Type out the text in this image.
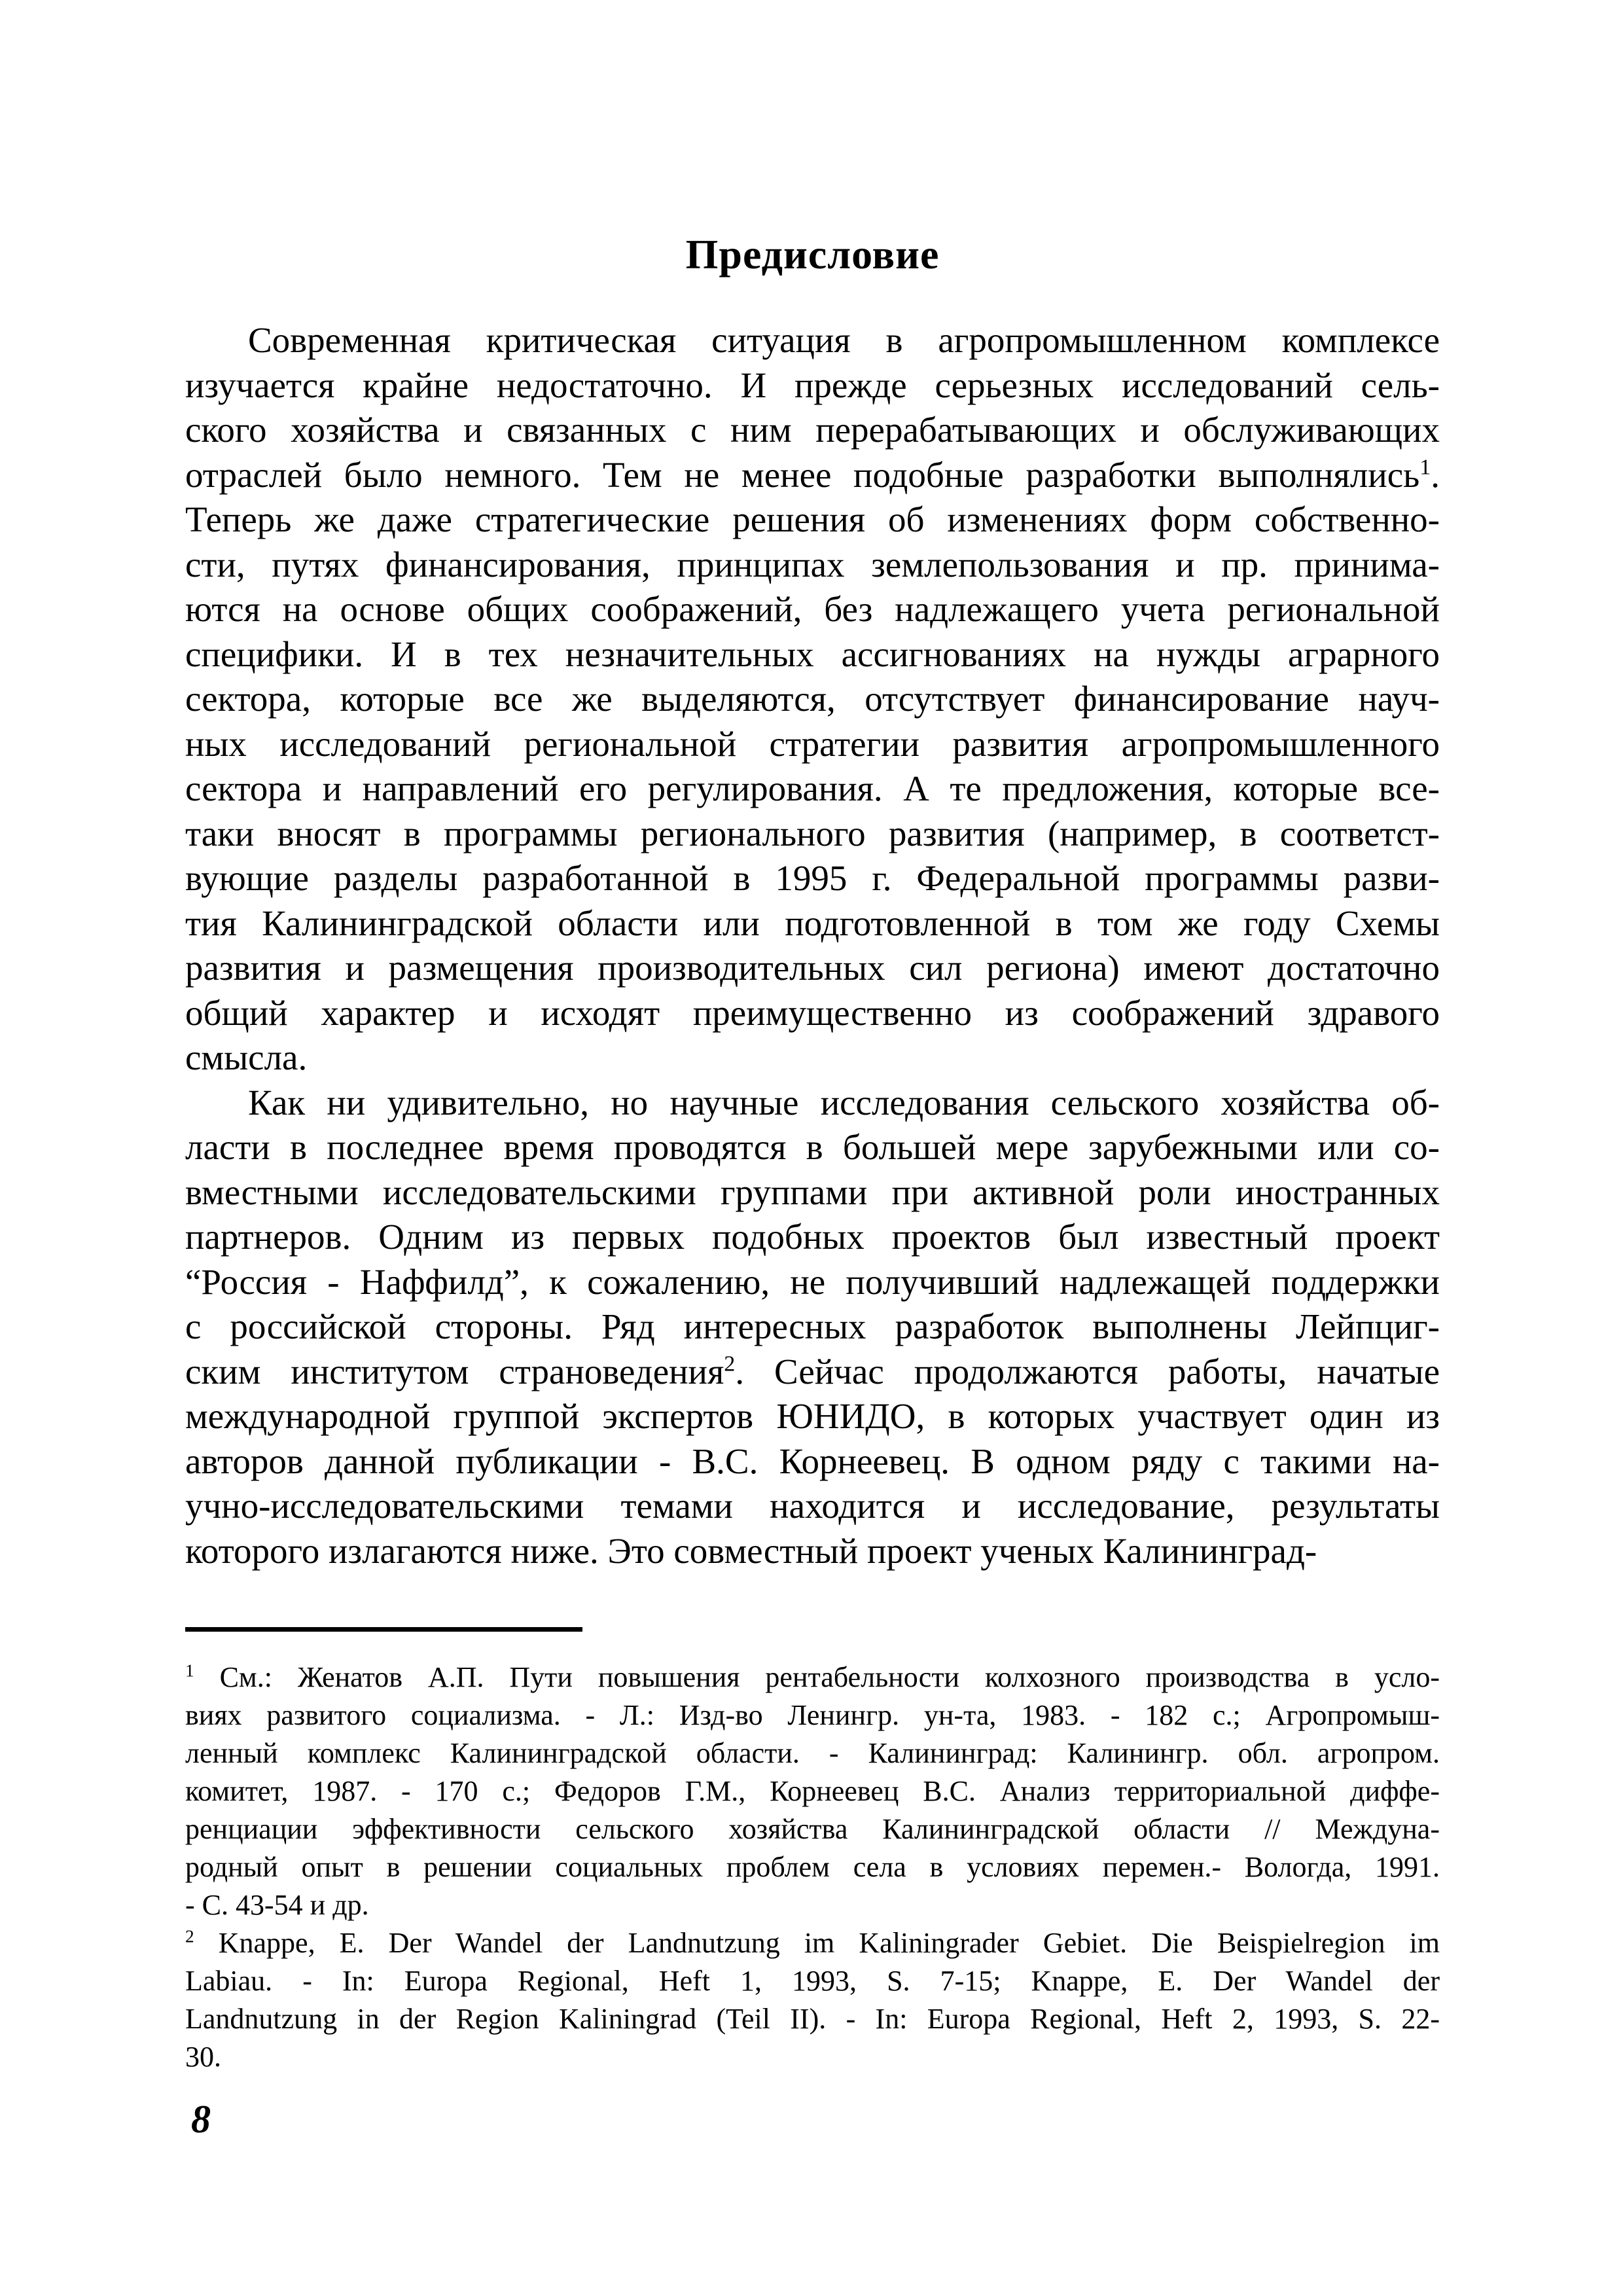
Предисловие
Современная критическая ситуация в агропромышленном комплексе
изучается крайне недостаточно. И прежде серьезных исследований сель-
ского хозяйства и связанных с ним перерабатывающих и обслуживающих
отраслей было немного. Тем не менее подобные разработки выполнялись$^1$.
Теперь же даже стратегические решения об изменениях форм собственно-
сти, путях финансирования, принципах землепользования и пр. принима-
ются на основе общих соображений, без надлежащего учета региональной
специфики. И в тех незначительных ассигнованиях на нужды аграрного
сектора, которые все же выделяются, отсутствует финансирование науч-
ных исследований региональной стратегии развития агропромышленного
сектора и направлений его регулирования. А те предложения, которые все-
таки вносят в программы регионального развития (например, в соответст-
вующие разделы разработанной в 1995 г. Федеральной программы разви-
тия Калининградской области или подготовленной в том же году Схемы
развития и размещения производительных сил региона) имеют достаточно
общий характер и исходят преимущественно из соображений здравого
смысла.
Как ни удивительно, но научные исследования сельского хозяйства об-
ласти в последнее время проводятся в большей мере зарубежными или со-
вместными исследовательскими группами при активной роли иностранных
партнеров. Одним из первых подобных проектов был известный проект
“Россия - Наффилд”, к сожалению, не получивший надлежащей поддержки
с российской стороны. Ряд интересных разработок выполнены Лейпциг-
ским институтом страноведения$^2$. Сейчас продолжаются работы, начатые
международной группой экспертов ЮНИДО, в которых участвует один из
авторов данной публикации - В.С. Корнеевец. В одном ряду с такими на-
учно-исследовательскими темами находится и исследование, результаты
которого излагаются ниже. Это совместный проект ученых Калининград-
$^1$ См.: Женатов А.П. Пути повышения рентабельности колхозного производства в усло-
виях развитого социализма. - Л.: Изд-во Ленингр. ун-та, 1983. - 182 с.; Агропромыш-
ленный комплекс Калининградской области. - Калининград: Калинингр. обл. агропром.
комитет, 1987. - 170 с.; Федоров Г.М., Корнеевец В.С. Анализ территориальной диффе-
ренциации эффективности сельского хозяйства Калининградской области // Междуна-
родный опыт в решении социальных проблем села в условиях перемен.- Вологда, 1991.
- С. 43-54 и др.
$^2$ Knappe, E. Der Wandel der Landnutzung im Kaliningrader Gebiet. Die Beispielregion im
Labiau. - In: Europa Regional, Heft 1, 1993, S. 7-15; Knappe, E. Der Wandel der
Landnutzung in der Region Kaliningrad (Teil II). - In: Europa Regional, Heft 2, 1993, S. 22-
30.
8
